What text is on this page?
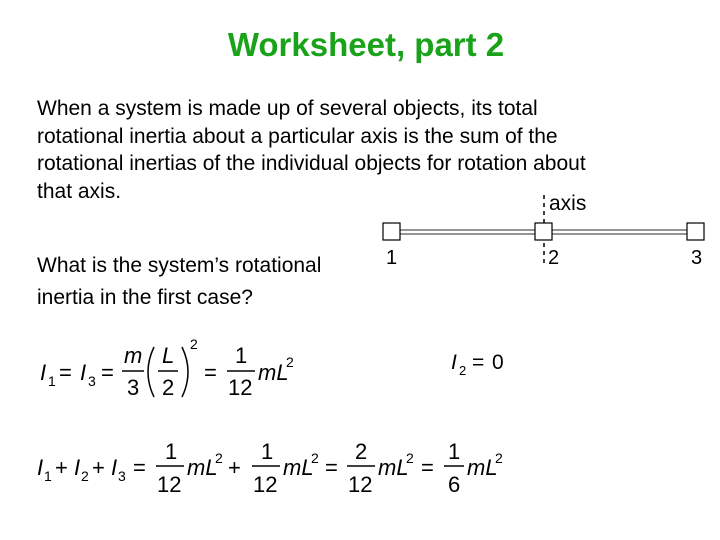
Worksheet, part 2
When a system is made up of several objects, its total
rotational inertia about a particular axis is the sum of the
rotational inertias of the individual objects for rotation about
that axis.
What is the system’s rotational
inertia in the first case?
axis
1	2	3
I 1 = I 3 =
m
3
L
2
2
=
1
12
mL
2	I 2 = 0
I 1 + I 2 + I 3 =
1
12
mL
2 +
1
12
mL
2 =
2
12
mL
2 =
1
6
mL
2
